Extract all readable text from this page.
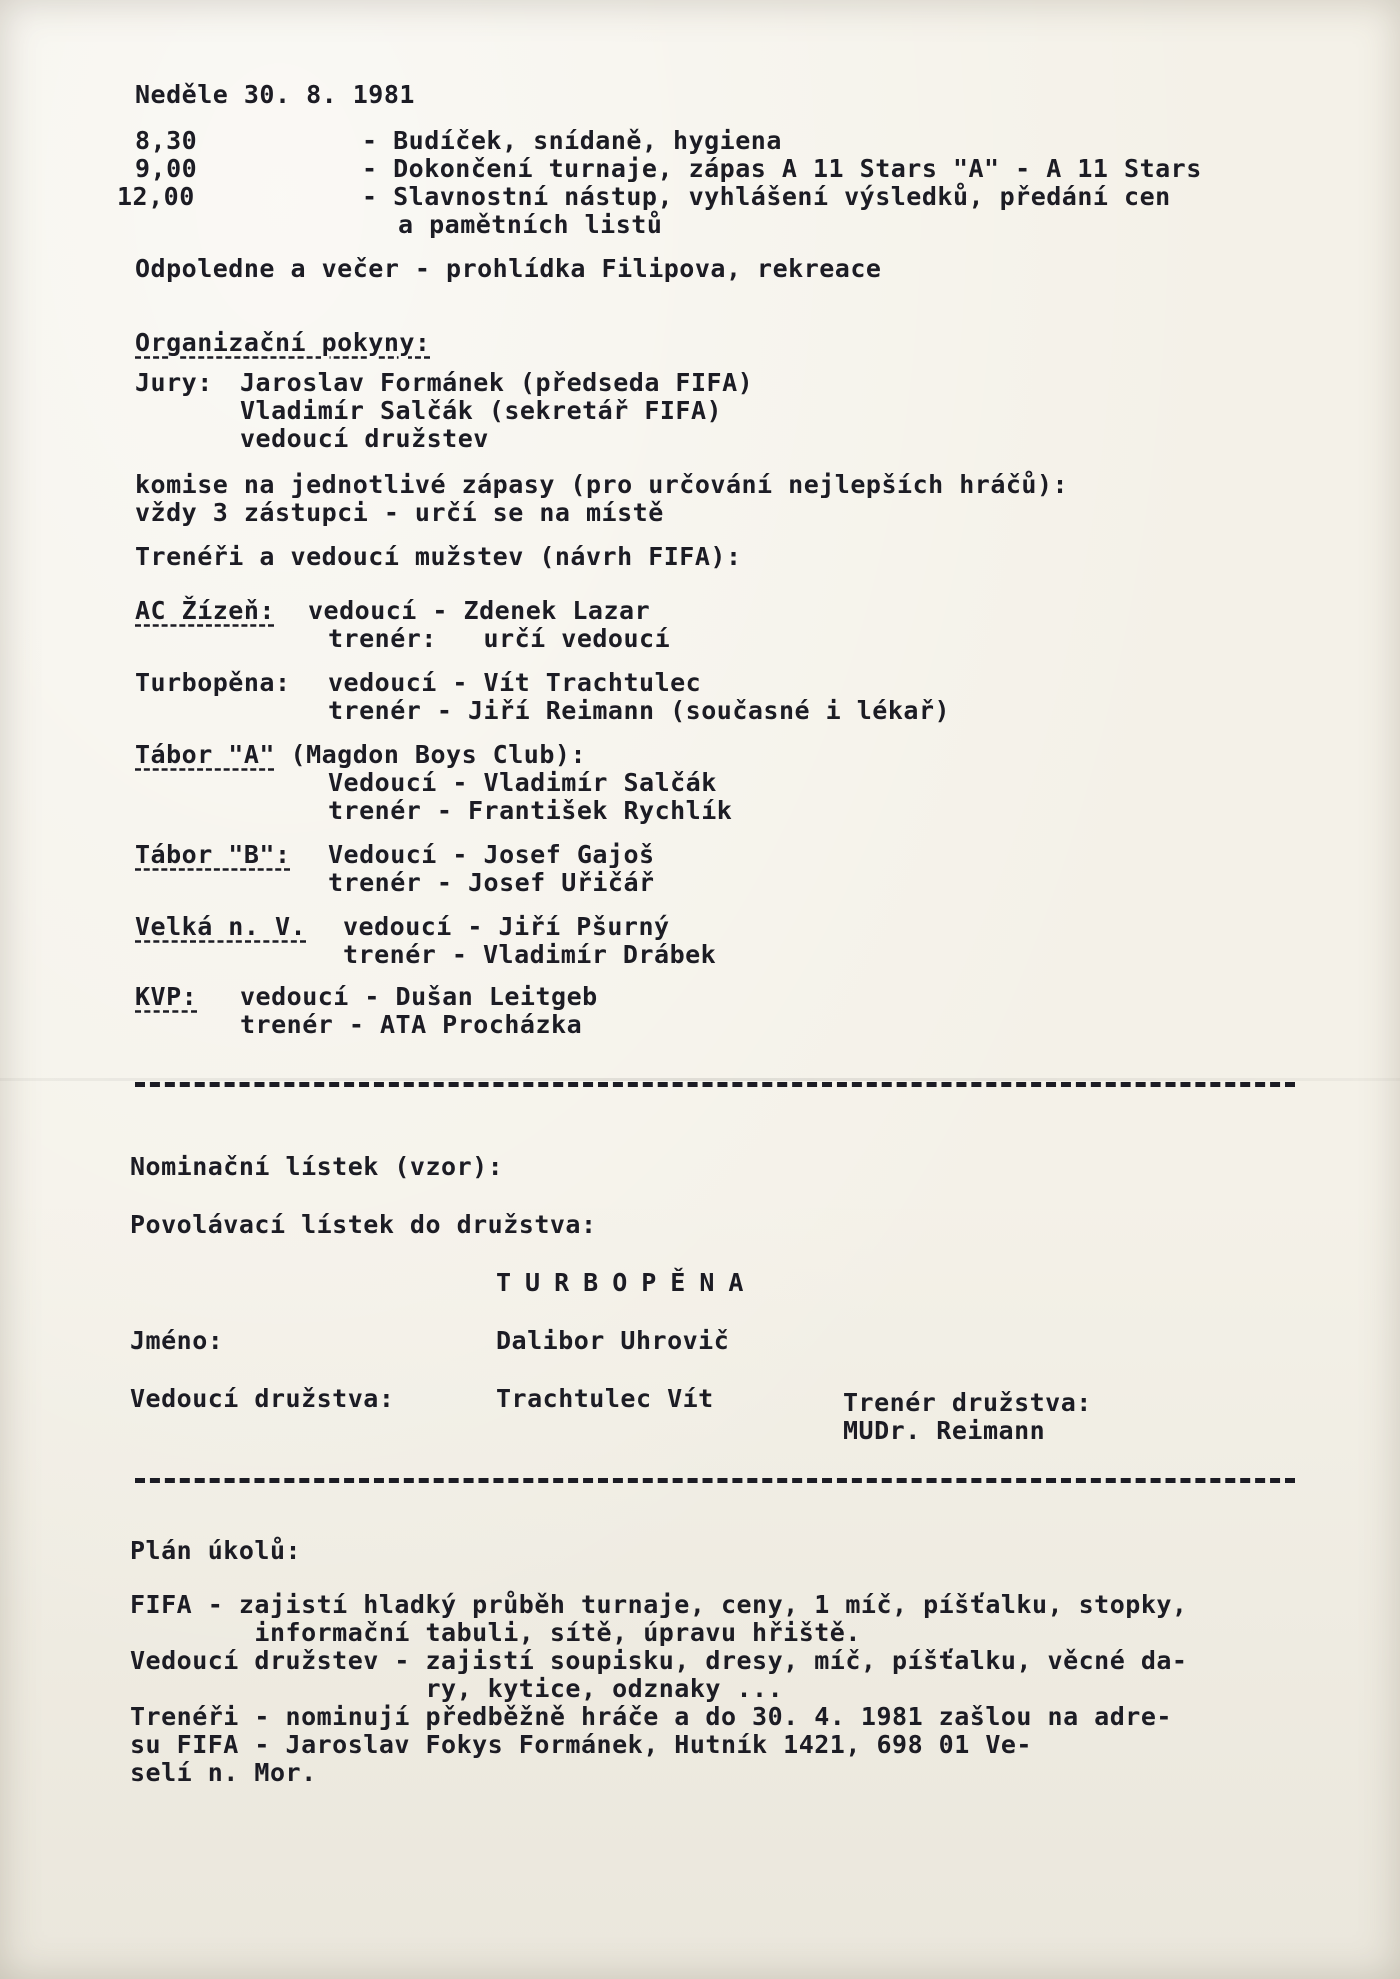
Neděle 30. 8. 1981
8,30	- Budíček, snídaně, hygiena
9,00	- Dokončení turnaje, zápas A 11 Stars "A" - A 11 Stars
12,00	- Slavnostní nástup, vyhlášení výsledků, předání cen
a pamětních listů
Odpoledne a večer - prohlídka Filipova, rekreace
Organizační pokyny:
Jury: Jaroslav Formánek (předseda FIFA)
Vladimír Salčák (sekretář FIFA)
vedoucí družstev
komise na jednotlivé zápasy (pro určování nejlepších hráčů):
vždy 3 zástupci - určí se na místě
Trenéři a vedoucí mužstev (návrh FIFA):
AC Žízeň: vedoucí - Zdenek Lazar
trenér:   určí vedoucí
Turbopěna: vedoucí - Vít Trachtulec
trenér - Jiří Reimann (současné i lékař)
Tábor "A" (Magdon Boys Club):
Vedoucí - Vladimír Salčák
trenér - František Rychlík
Tábor "B": Vedoucí - Josef Gajoš
trenér - Josef Uřičář
Velká n. V. vedoucí - Jiří Pšurný
trenér - Vladimír Drábek
KVP: vedoucí - Dušan Leitgeb
trenér - ATA Procházka
Nominační lístek (vzor):
Povolávací lístek do družstva:
TURBOPĚNA
Jméno:	Dalibor Uhrovič
Vedoucí družstva:	Trachtulec Vít	Trenér družstva:
MUDr. Reimann
Plán úkolů:
FIFA - zajistí hladký průběh turnaje, ceny, 1 míč, píšťalku, stopky,
informační tabuli, sítě, úpravu hřiště.
Vedoucí družstev - zajistí soupisku, dresy, míč, píšťalku, věcné da-
ry, kytice, odznaky ...
Trenéři - nominují předběžně hráče a do 30. 4. 1981 zašlou na adre-
su FIFA - Jaroslav Fokys Formánek, Hutník 1421, 698 01 Ve-
selí n. Mor.
